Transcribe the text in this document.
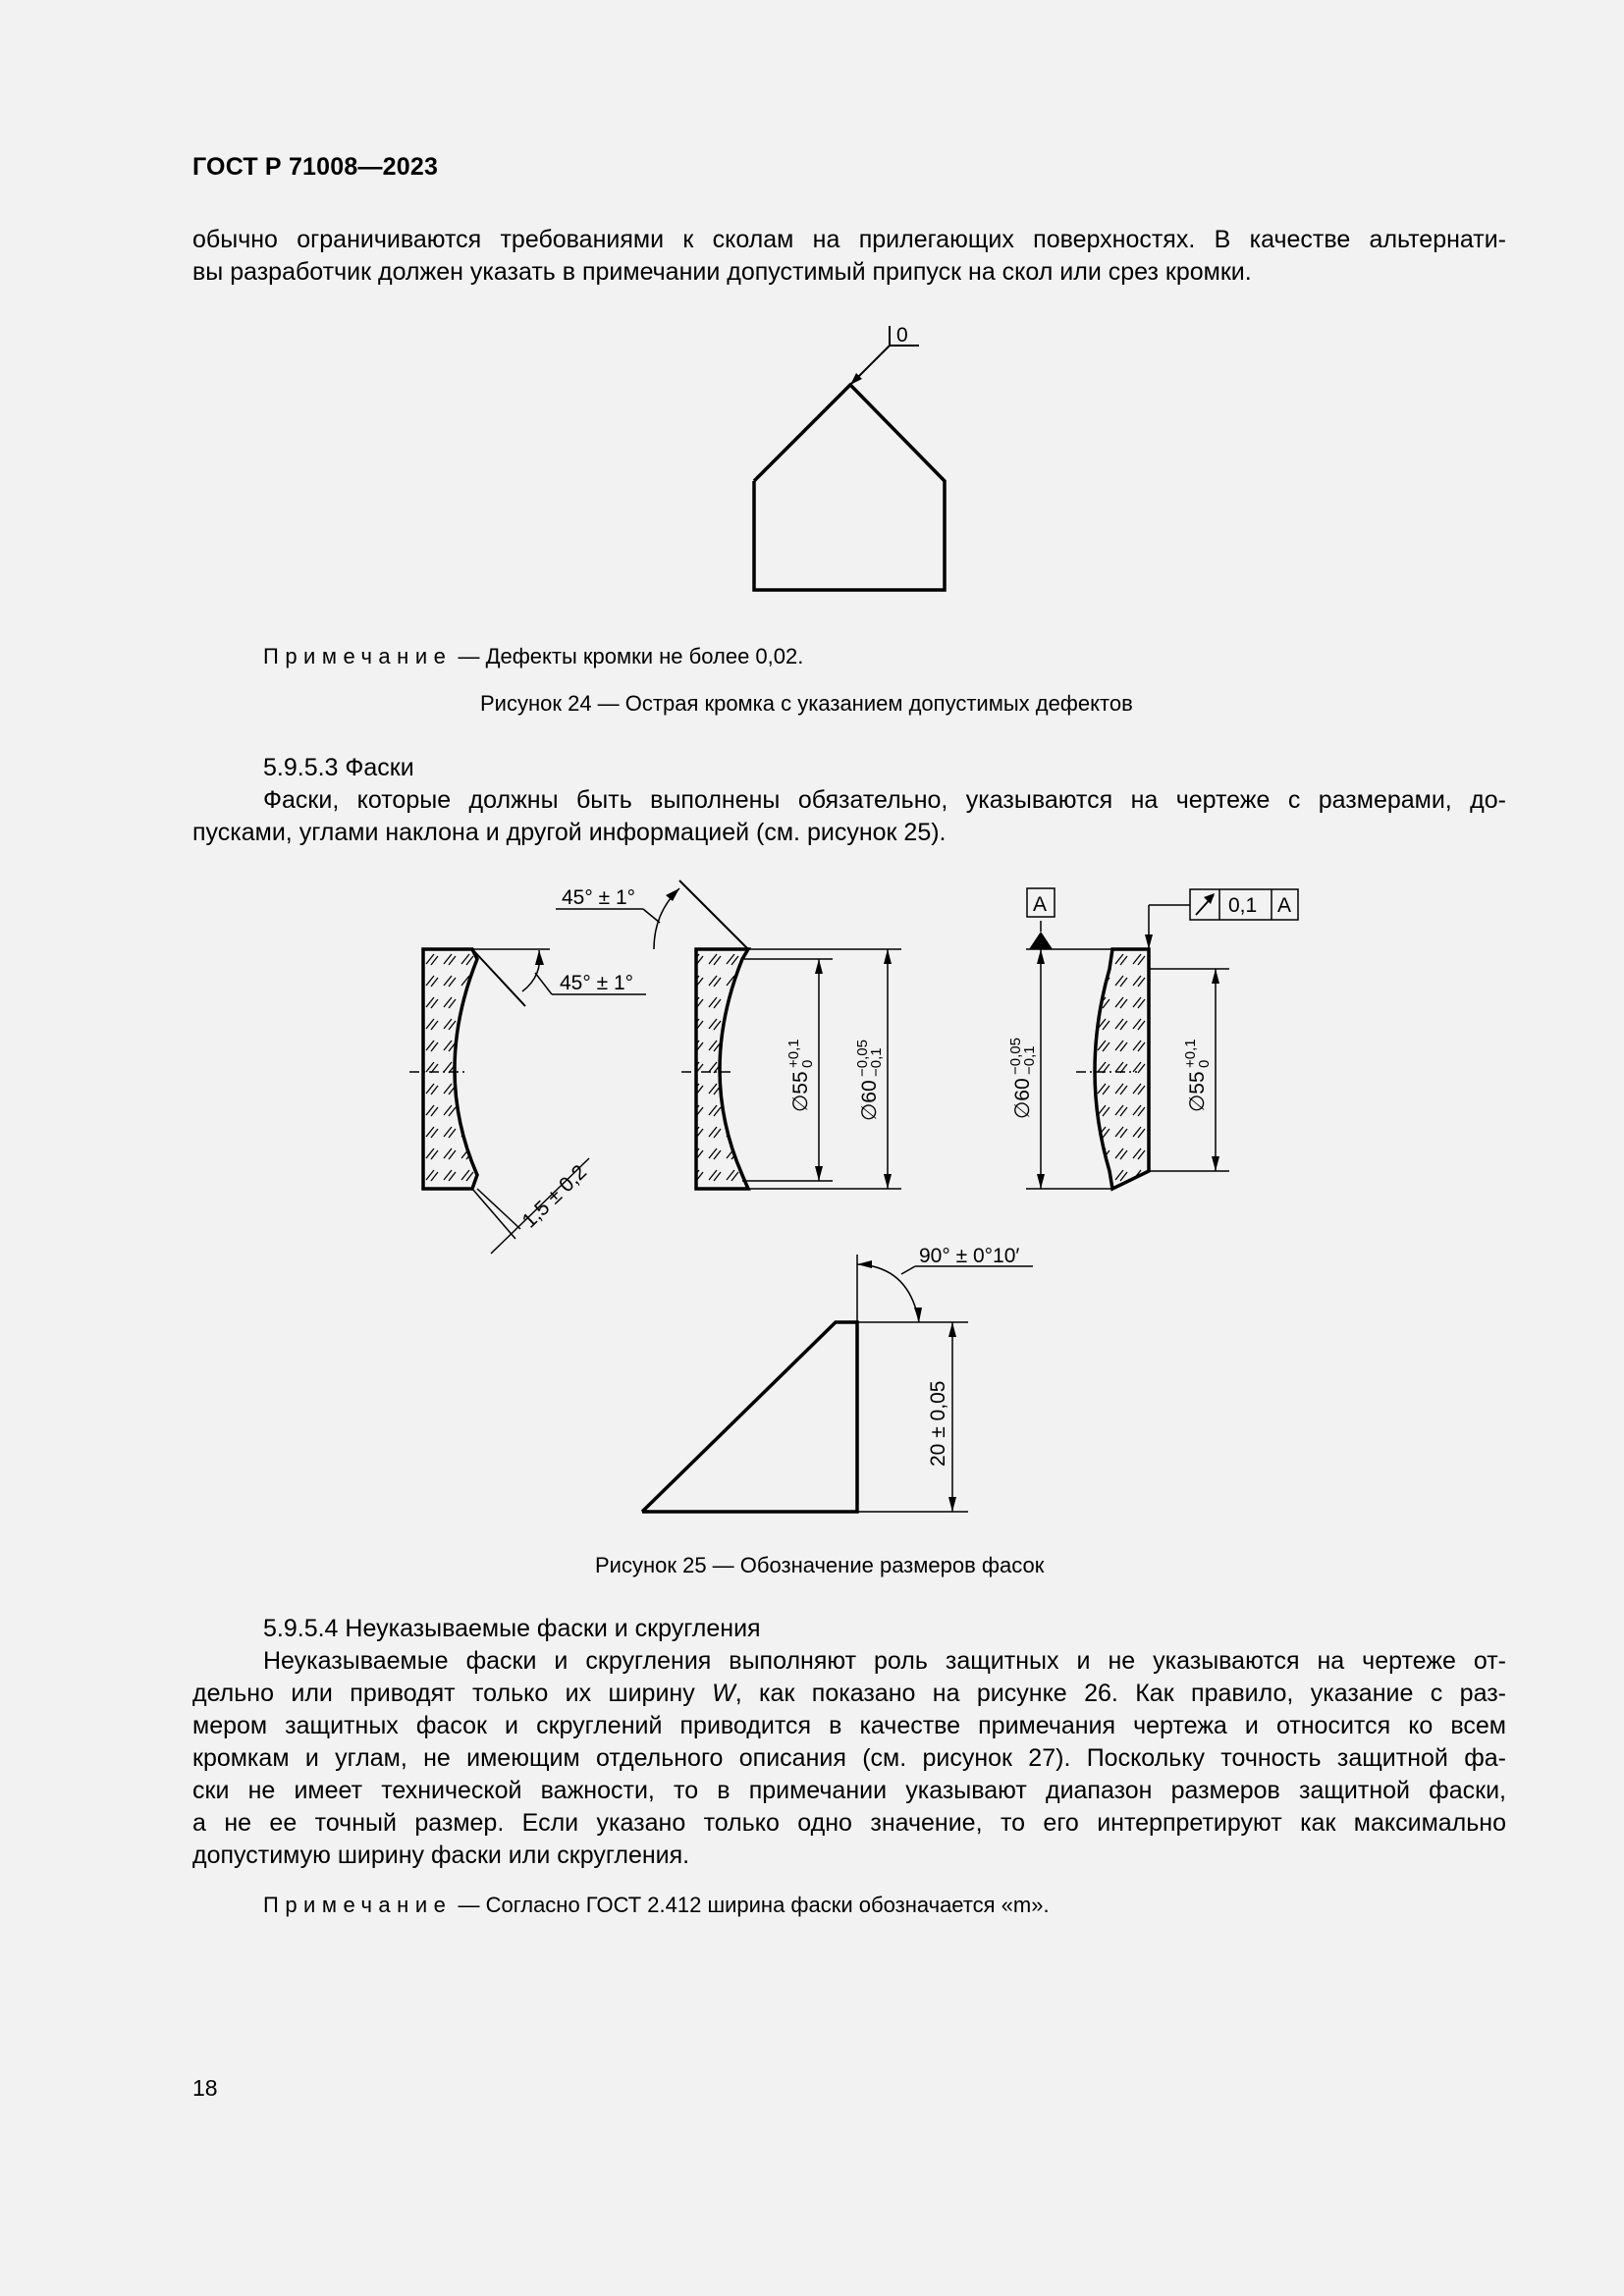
ГОСТ Р 71008—2023
обычно ограничиваются требованиями к сколам на прилегающих поверхностях. В качестве альтернати-
вы разработчик должен указать в примечании допустимый припуск на скол или срез кромки.
0
Примечание — Дефекты кромки не более 0,02.
Рисунок 24 — Острая кромка с указанием допустимых дефектов
5.9.5.3 Фаски
Фаски, которые должны быть выполнены обязательно, указываются на чертеже с размерами, до-
пусками, углами наклона и другой информацией (см. рисунок 25).
45° ± 1°
1,5 ± 0,2
45° ± 1°
∅55
+0,1
0
∅60
−0,05
−0,1
A	0,1 A
∅60
−0,05
−0,1
∅55
+0,1
0
90° ± 0°10′
20 ± 0,05
Рисунок 25 — Обозначение размеров фасок
5.9.5.4 Неуказываемые фаски и скругления
Неуказываемые фаски и скругления выполняют роль защитных и не указываются на чертеже от-
дельно или приводят только их ширину W, как показано на рисунке 26. Как правило, указание с раз-
мером защитных фасок и скруглений приводится в качестве примечания чертежа и относится ко всем
кромкам и углам, не имеющим отдельного описания (см. рисунок 27). Поскольку точность защитной фа-
ски не имеет технической важности, то в примечании указывают диапазон размеров защитной фаски,
а не ее точный размер. Если указано только одно значение, то его интерпретируют как максимально
допустимую ширину фаски или скругления.
Примечание — Согласно ГОСТ 2.412 ширина фаски обозначается «m».
18
